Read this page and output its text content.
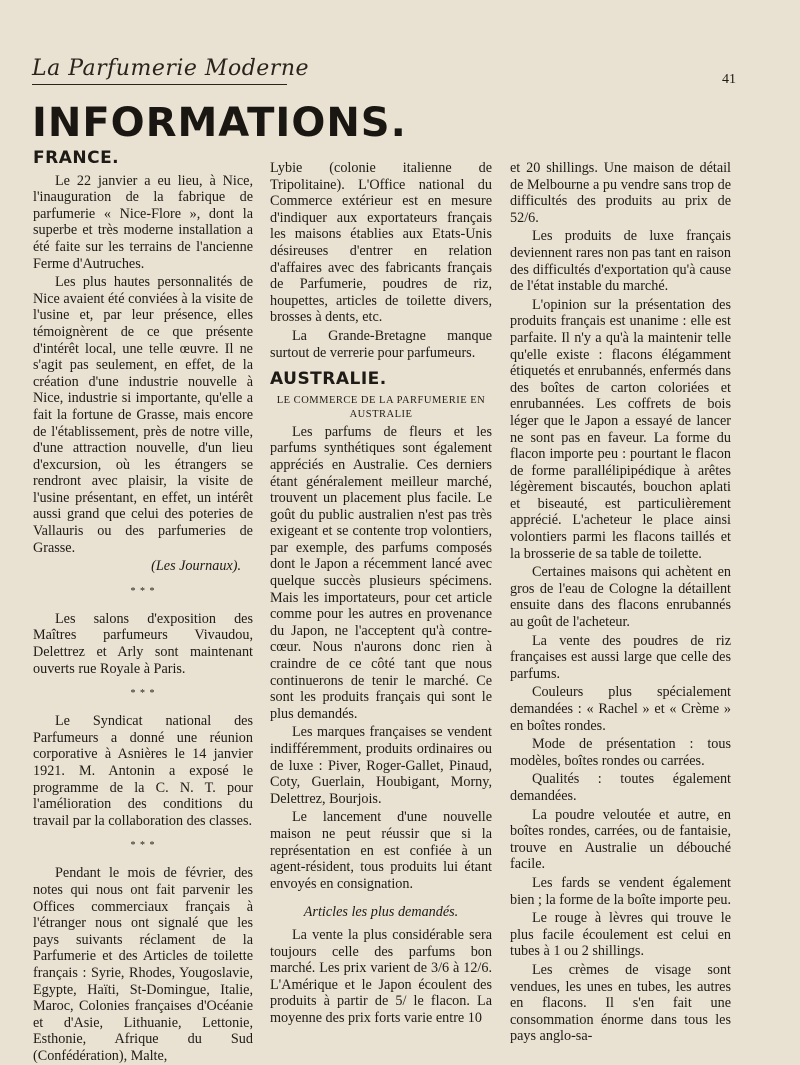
La Parfumerie Moderne	41
INFORMATIONS.
FRANCE.

Le 22 janvier a eu lieu, à Nice, l'inauguration de la fabrique de parfumerie « Nice-Flore », dont la superbe et très moderne installation a été faite sur les terrains de l'ancienne Ferme d'Autruches.

Les plus hautes personnalités de Nice avaient été conviées à la visite de l'usine et, par leur présence, elles témoignèrent de ce que présente d'intérêt local, une telle œuvre. Il ne s'agit pas seulement, en effet, de la création d'une industrie nouvelle à Nice, industrie si importante, qu'elle a fait la fortune de Grasse, mais encore de l'établissement, près de notre ville, d'une attraction nouvelle, d'un lieu d'excursion, où les étrangers se rendront avec plaisir, la visite de l'usine présentant, en effet, un intérêt aussi grand que celui des poteries de Vallauris ou des parfumeries de Grasse.

(Les Journaux).

* * *

Les salons d'exposition des Maîtres parfumeurs Vivaudou, Delettrez et Arly sont maintenant ouverts rue Royale à Paris.

* * *

Le Syndicat national des Parfumeurs a donné une réunion corporative à Asnières le 14 janvier 1921. M. Antonin a exposé le programme de la C. N. T. pour l'amélioration des conditions du travail par la collaboration des classes.

* * *

Pendant le mois de février, des notes qui nous ont fait parvenir les Offices commerciaux français à l'étranger nous ont signalé que les pays suivants réclament de la Parfumerie et des Articles de toilette français : Syrie, Rhodes, Yougoslavie, Egypte, Haïti, St-Domingue, Italie, Maroc, Colonies françaises d'Océanie et d'Asie, Lithuanie, Lettonie, Esthonie, Afrique du Sud (Confédération), Malte,

Lybie (colonie italienne de Tripolitaine). L'Office national du Commerce extérieur est en mesure d'indiquer aux exportateurs français les maisons établies aux Etats-Unis désireuses d'entrer en relation d'affaires avec des fabricants français de Parfumerie, poudres de riz, houpettes, articles de toilette divers, brosses à dents, etc.

La Grande-Bretagne manque surtout de verrerie pour parfumeurs.

AUSTRALIE.

LE COMMERCE DE LA PARFUMERIE EN AUSTRALIE

Les parfums de fleurs et les parfums synthétiques sont également appréciés en Australie. Ces derniers étant généralement meilleur marché, trouvent un placement plus facile. Le goût du public australien n'est pas très exigeant et se contente trop volontiers, par exemple, des parfums composés dont le Japon a récemment lancé avec quelque succès plusieurs spécimens. Mais les importateurs, pour cet article comme pour les autres en provenance du Japon, ne l'acceptent qu'à contre-cœur. Nous n'aurons donc rien à craindre de ce côté tant que nous continuerons de tenir le marché. Ce sont les produits français qui sont le plus demandés.

Les marques françaises se vendent indifféremment, produits ordinaires ou de luxe : Piver, Roger-Gallet, Pinaud, Coty, Guerlain, Houbigant, Morny, Delettrez, Bourjois.

Le lancement d'une nouvelle maison ne peut réussir que si la représentation en est confiée à un agent-résident, tous produits lui étant envoyés en consignation.

Articles les plus demandés.

La vente la plus considérable sera toujours celle des parfums bon marché. Les prix varient de 3/6 à 12/6. L'Amérique et le Japon écoulent des produits à partir de 5/ le flacon. La moyenne des prix forts varie entre 10

et 20 shillings. Une maison de détail de Melbourne a pu vendre sans trop de difficultés des produits au prix de 52/6.

Les produits de luxe français deviennent rares non pas tant en raison des difficultés d'exportation qu'à cause de l'état instable du marché.

L'opinion sur la présentation des produits français est unanime : elle est parfaite. Il n'y a qu'à la maintenir telle qu'elle existe : flacons élégamment étiquetés et enrubannés, enfermés dans des boîtes de carton coloriées et enrubannées. Les coffrets de bois léger que le Japon a essayé de lancer ne sont pas en faveur. La forme du flacon importe peu : pourtant le flacon de forme parallélipipédique à arêtes légèrement biscautés, bouchon aplati et biseauté, est particulièrement apprécié. L'acheteur le place ainsi volontiers parmi les flacons taillés et la brosserie de sa table de toilette.

Certaines maisons qui achètent en gros de l'eau de Cologne la détaillent ensuite dans des flacons enrubannés au goût de l'acheteur.

La vente des poudres de riz françaises est aussi large que celle des parfums.

Couleurs plus spécialement demandées : « Rachel » et « Crème » en boîtes rondes.

Mode de présentation : tous modèles, boîtes rondes ou carrées.

Qualités : toutes également demandées.

La poudre veloutée et autre, en boîtes rondes, carrées, ou de fantaisie, trouve en Australie un débouché facile.

Les fards se vendent également bien ; la forme de la boîte importe peu.

Le rouge à lèvres qui trouve le plus facile écoulement est celui en tubes à 1 ou 2 shillings.

Les crèmes de visage sont vendues, les unes en tubes, les autres en flacons. Il s'en fait une consommation énorme dans tous les pays anglo-sa-
